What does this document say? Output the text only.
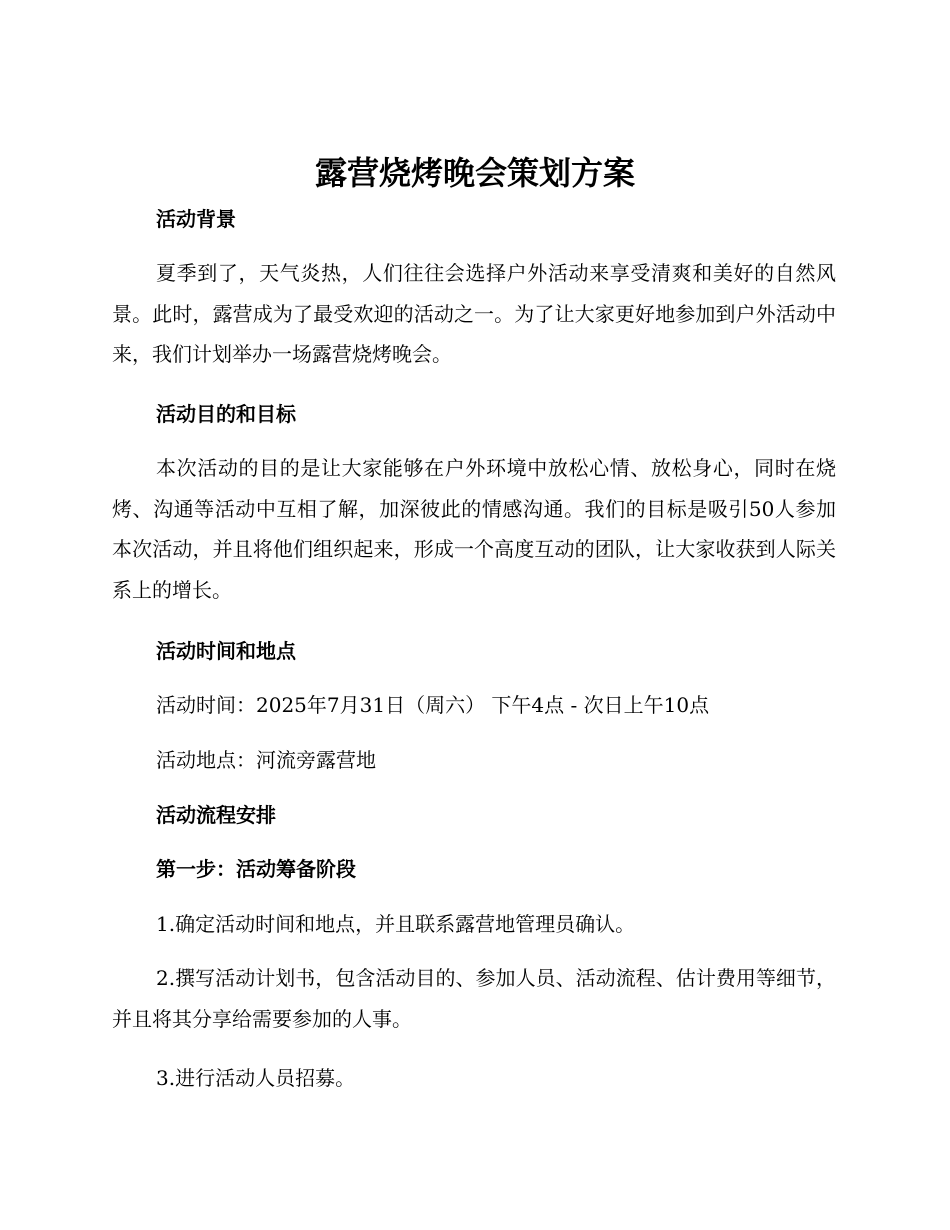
露营烧烤晚会策划方案
活动背景

夏季到了，天气炎热，人们往往会选择户外活动来享受清爽和美好的自然风景。此时，露营成为了最受欢迎的活动之一。为了让大家更好地参加到户外活动中来，我们计划举办一场露营烧烤晚会。

活动目的和目标

本次活动的目的是让大家能够在户外环境中放松心情、放松身心，同时在烧烤、沟通等活动中互相了解，加深彼此的情感沟通。我们的目标是吸引50人参加本次活动，并且将他们组织起来，形成一个高度互动的团队，让大家收获到人际关系上的增长。

活动时间和地点

活动时间：2025年7月31日（周六） 下午4点 - 次日上午10点

活动地点：河流旁露营地

活动流程安排
第一步：活动筹备阶段

1.确定活动时间和地点，并且联系露营地管理员确认。

2.撰写活动计划书，包含活动目的、参加人员、活动流程、估计费用等细节，并且将其分享给需要参加的人事。

3.进行活动人员招募。
